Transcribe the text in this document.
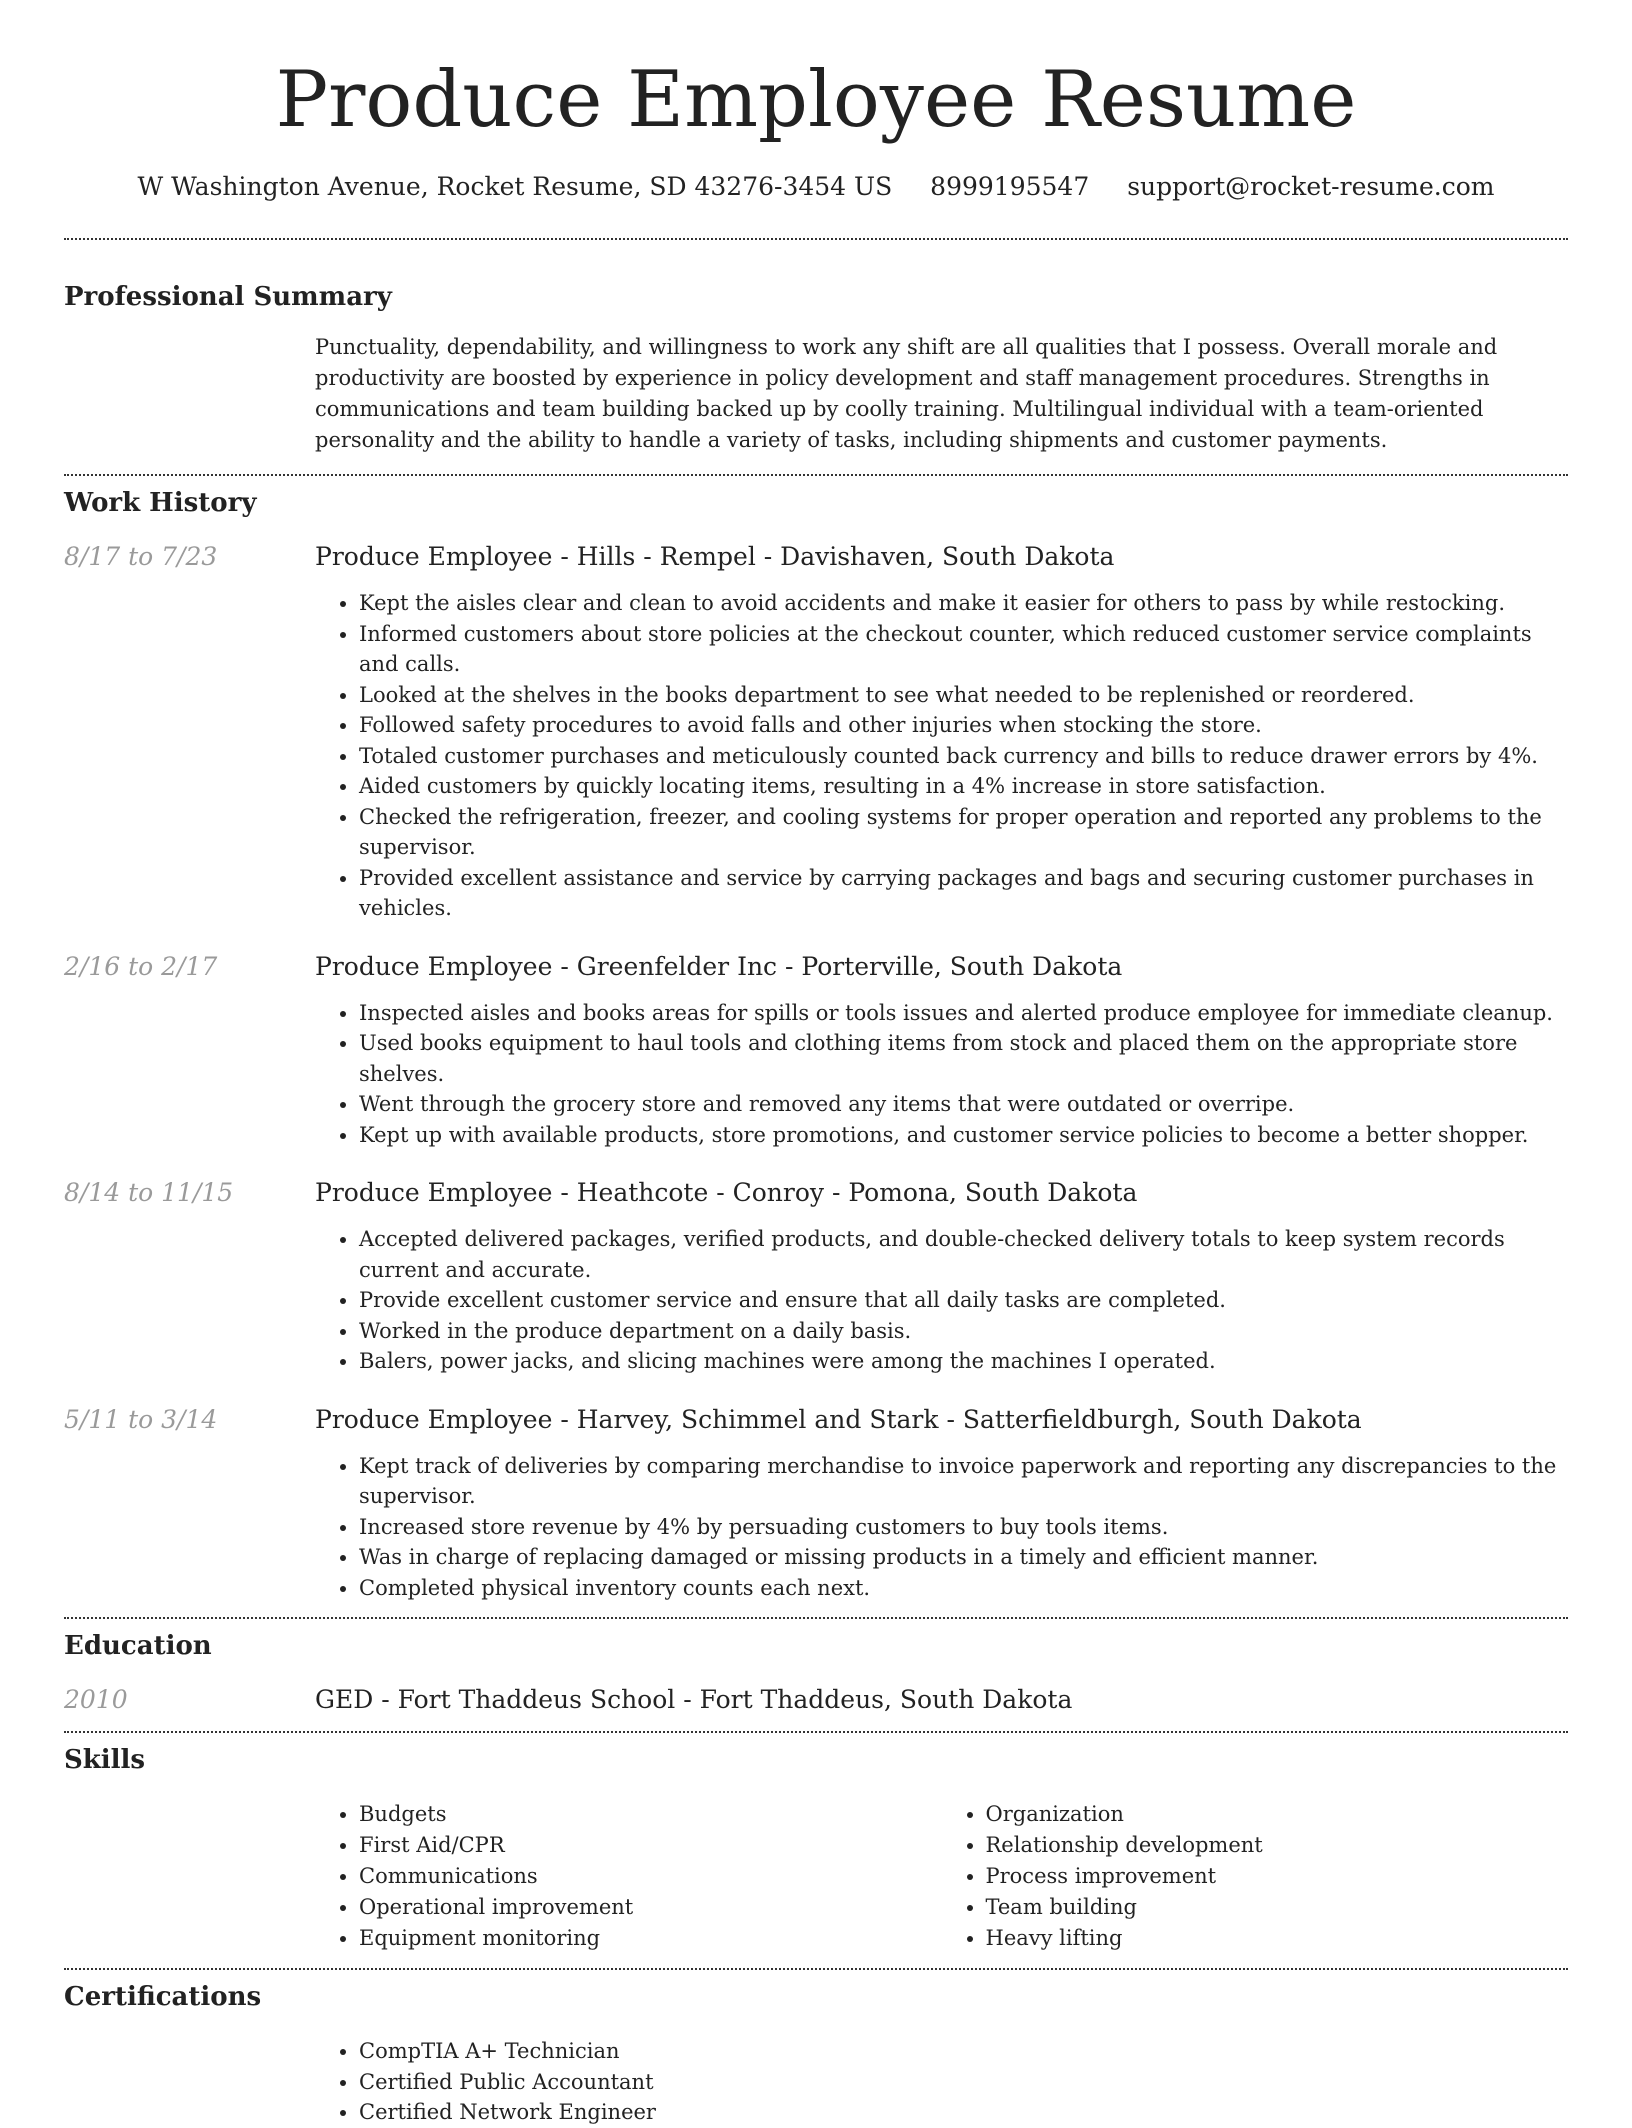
Produce Employee Resume
W Washington Avenue, Rocket Resume, SD 43276-3454 US 8999195547 support@rocket-resume.com
Professional Summary
Punctuality, dependability, and willingness to work any shift are all qualities that I possess. Overall morale and productivity are boosted by experience in policy development and staff management procedures. Strengths in communications and team building backed up by coolly training. Multilingual individual with a team-oriented personality and the ability to handle a variety of tasks, including shipments and customer payments.
Work History
8/17 to 7/23	Produce Employee - Hills - Rempel - Davishaven, South Dakota
• Kept the aisles clear and clean to avoid accidents and make it easier for others to pass by while restocking.
• Informed customers about store policies at the checkout counter, which reduced customer service complaints and calls.
• Looked at the shelves in the books department to see what needed to be replenished or reordered.
• Followed safety procedures to avoid falls and other injuries when stocking the store.
• Totaled customer purchases and meticulously counted back currency and bills to reduce drawer errors by 4%.
• Aided customers by quickly locating items, resulting in a 4% increase in store satisfaction.
• Checked the refrigeration, freezer, and cooling systems for proper operation and reported any problems to the supervisor.
• Provided excellent assistance and service by carrying packages and bags and securing customer purchases in vehicles.
2/16 to 2/17	Produce Employee - Greenfelder Inc - Porterville, South Dakota
• Inspected aisles and books areas for spills or tools issues and alerted produce employee for immediate cleanup.
• Used books equipment to haul tools and clothing items from stock and placed them on the appropriate store shelves.
• Went through the grocery store and removed any items that were outdated or overripe.
• Kept up with available products, store promotions, and customer service policies to become a better shopper.
8/14 to 11/15	Produce Employee - Heathcote - Conroy - Pomona, South Dakota
• Accepted delivered packages, verified products, and double-checked delivery totals to keep system records current and accurate.
• Provide excellent customer service and ensure that all daily tasks are completed.
• Worked in the produce department on a daily basis.
• Balers, power jacks, and slicing machines were among the machines I operated.
5/11 to 3/14	Produce Employee - Harvey, Schimmel and Stark - Satterfieldburgh, South Dakota
• Kept track of deliveries by comparing merchandise to invoice paperwork and reporting any discrepancies to the supervisor.
• Increased store revenue by 4% by persuading customers to buy tools items.
• Was in charge of replacing damaged or missing products in a timely and efficient manner.
• Completed physical inventory counts each next.
Education
2010	GED - Fort Thaddeus School - Fort Thaddeus, South Dakota
Skills
• Budgets
• First Aid/CPR
• Communications
• Operational improvement
• Equipment monitoring
• Organization
• Relationship development
• Process improvement
• Team building
• Heavy lifting
Certifications
• CompTIA A+ Technician
• Certified Public Accountant
• Certified Network Engineer
